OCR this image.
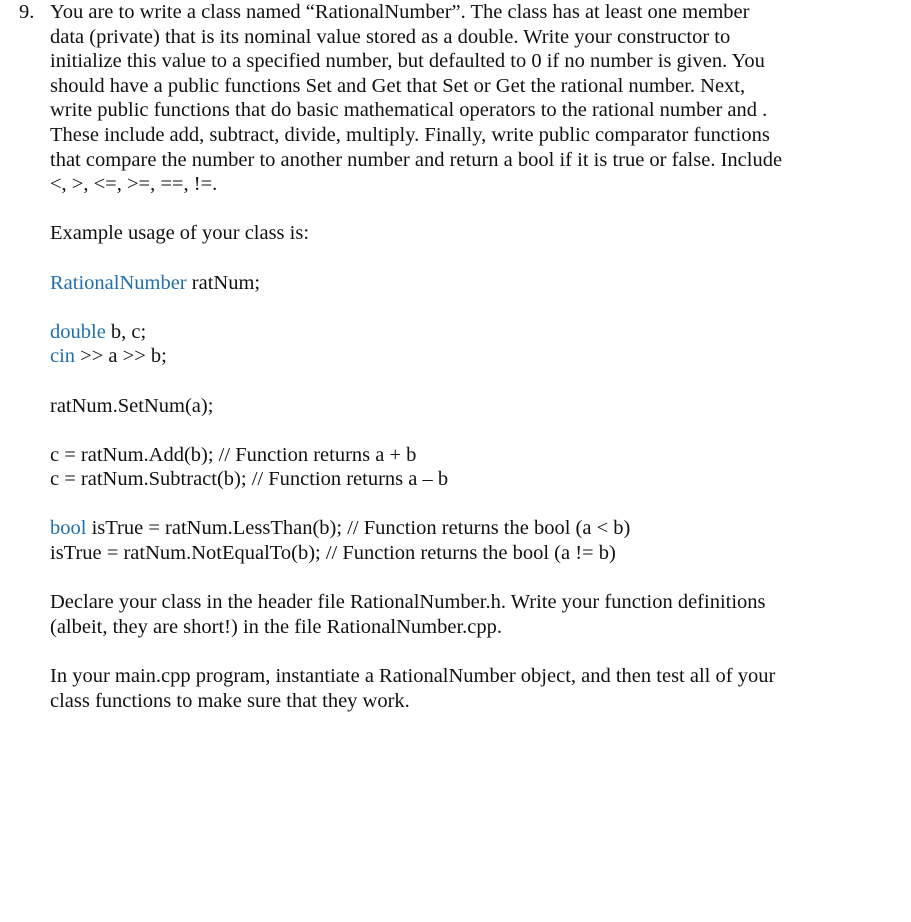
9. You are to write a class named “RationalNumber”. The class has at least one member
data (private) that is its nominal value stored as a double. Write your constructor to
initialize this value to a specified number, but defaulted to 0 if no number is given. You
should have a public functions Set and Get that Set or Get the rational number. Next,
write public functions that do basic mathematical operators to the rational number and .
These include add, subtract, divide, multiply. Finally, write public comparator functions
that compare the number to another number and return a bool if it is true or false. Include
<, >, <=, >=, ==, !=.
Example usage of your class is:
RationalNumber ratNum;
double b, c;
cin >> a >> b;
ratNum.SetNum(a);
c = ratNum.Add(b); // Function returns a + b
c = ratNum.Subtract(b); // Function returns a – b
bool isTrue = ratNum.LessThan(b); // Function returns the bool (a < b)
isTrue = ratNum.NotEqualTo(b); // Function returns the bool (a != b)
Declare your class in the header file RationalNumber.h. Write your function definitions
(albeit, they are short!) in the file RationalNumber.cpp.
In your main.cpp program, instantiate a RationalNumber object, and then test all of your
class functions to make sure that they work.
